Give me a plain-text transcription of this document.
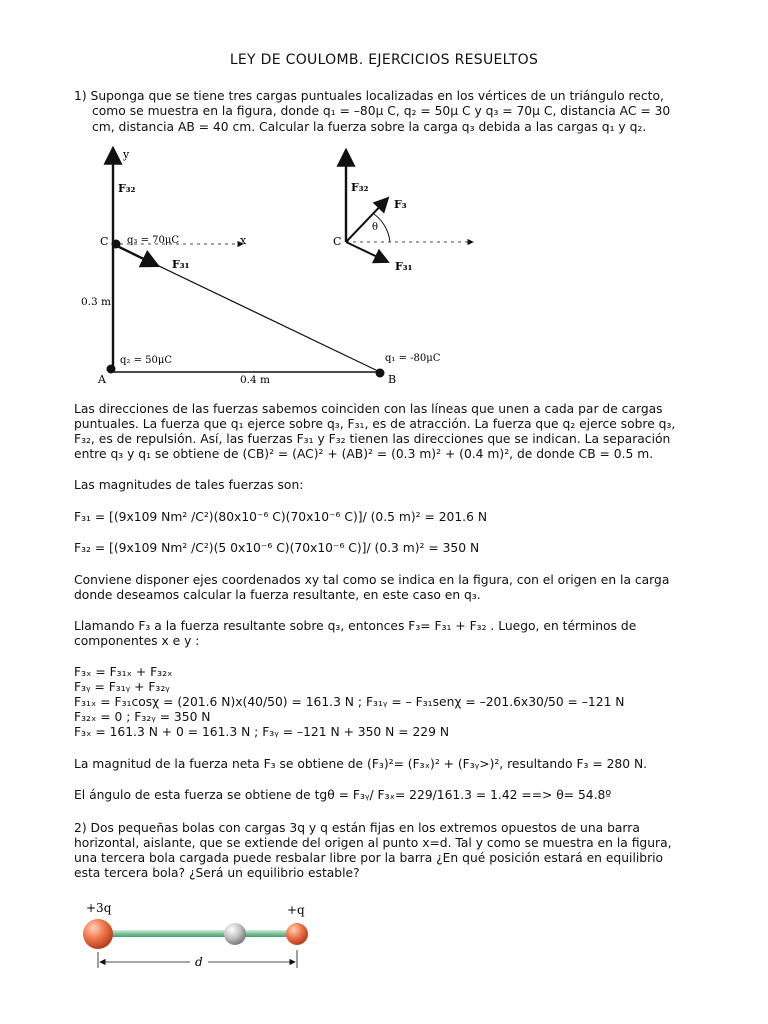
LEY DE COULOMB. EJERCICIOS RESUELTOS
1) Suponga que se tiene tres cargas puntuales localizadas en los vértices de un triángulo recto,
como se muestra en la figura, donde q₁ = –80μ C, q₂ = 50μ C y q₃ = 70μ C, distancia AC = 30
cm, distancia AB = 40 cm. Calcular la fuerza sobre la carga q₃ debida a las cargas q₁ y q₂.
y
x
F₃₂
F₃₁
C q₃ = 70μC
0.3 m
q₂ = 50μC	q₁ = -80μC
A	B
0.4 m
F₃₂
F₃
θ
C
F₃₁
Las direcciones de las fuerzas sabemos coinciden con las líneas que unen a cada par de cargas
puntuales. La fuerza que q₁ ejerce sobre q₃, F₃₁, es de atracción. La fuerza que q₂ ejerce sobre q₃,
F₃₂, es de repulsión. Así, las fuerzas F₃₁ y F₃₂ tienen las direcciones que se indican. La separación
entre q₃ y q₁ se obtiene de (CB)² = (AC)² + (AB)² = (0.3 m)² + (0.4 m)², de donde CB = 0.5 m.
Las magnitudes de tales fuerzas son:
F₃₁ = [(9x109 Nm² /C²)(80x10⁻⁶ C)(70x10⁻⁶ C)]/ (0.5 m)² = 201.6 N
F₃₂ = [(9x109 Nm² /C²)(5 0x10⁻⁶ C)(70x10⁻⁶ C)]/ (0.3 m)² = 350 N
Conviene disponer ejes coordenados xy tal como se indica en la figura, con el origen en la carga
donde deseamos calcular la fuerza resultante, en este caso en q₃.
Llamando F₃ a la fuerza resultante sobre q₃, entonces F₃= F₃₁ + F₃₂ . Luego, en términos de
componentes x e y :
F₃ₓ = F₃₁ₓ + F₃₂ₓ
F₃ᵧ = F₃₁ᵧ + F₃₂ᵧ
F₃₁ₓ = F₃₁cosχ = (201.6 N)x(40/50) = 161.3 N ; F₃₁ᵧ = – F₃₁senχ = –201.6x30/50 = –121 N
F₃₂ₓ = 0 ; F₃₂ᵧ = 350 N
F₃ₓ = 161.3 N + 0 = 161.3 N ; F₃ᵧ = –121 N + 350 N = 229 N
La magnitud de la fuerza neta F₃ se obtiene de (F₃)²= (F₃ₓ)² + (F₃ᵧ>)², resultando F₃ = 280 N.
El ángulo de esta fuerza se obtiene de tgθ = F₃ᵧ/ F₃ₓ= 229/161.3 = 1.42 ==> θ= 54.8º
2) Dos pequeñas bolas con cargas 3q y q están fijas en los extremos opuestos de una barra
horizontal, aislante, que se extiende del origen al punto x=d. Tal y como se muestra en la figura,
una tercera bola cargada puede resbalar libre por la barra ¿En qué posición estará en equilibrio
esta tercera bola? ¿Será un equilibrio estable?
+3q	+q
d
